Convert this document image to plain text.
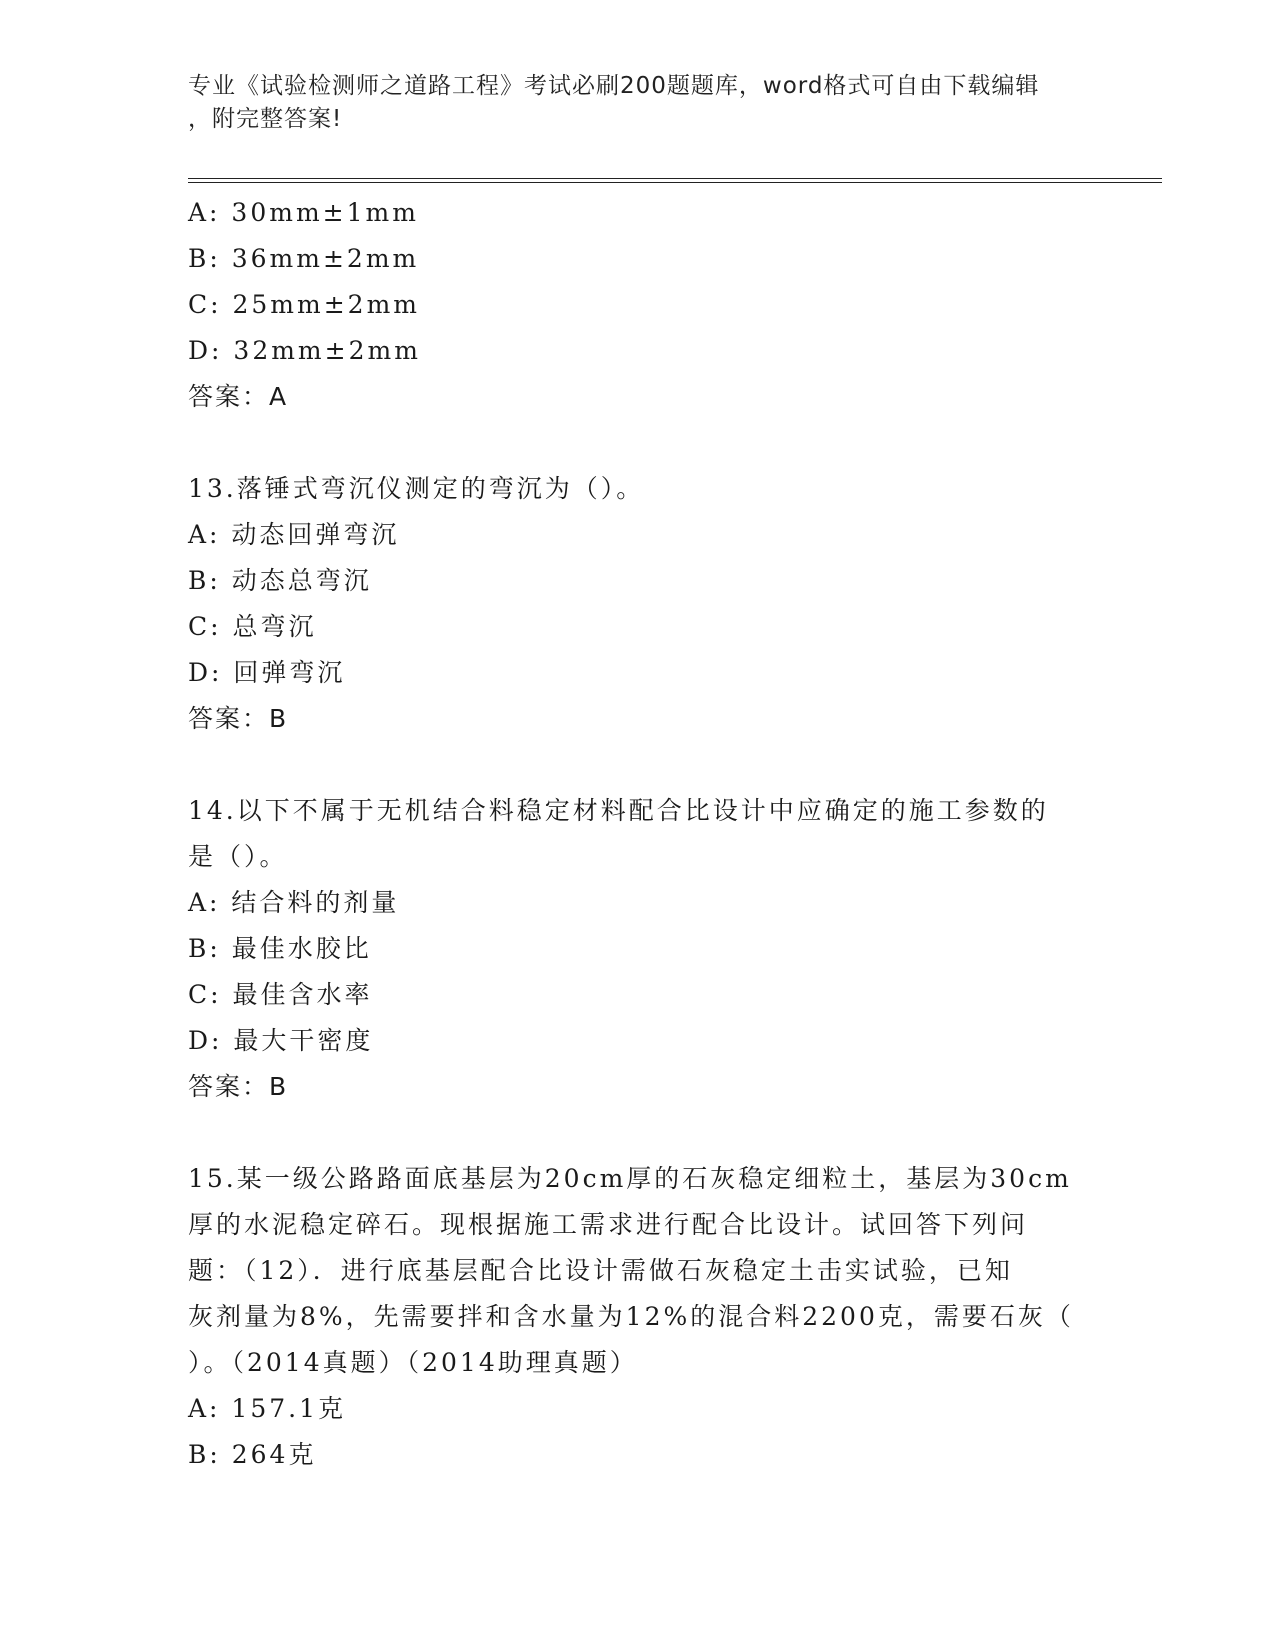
专业《试验检测师之道路工程》考试必刷200题题库，word格式可自由下载编辑
，附完整答案!
A: 30mm±1mm
B: 36mm±2mm
C: 25mm±2mm
D: 32mm±2mm
答案：A
13.落锤式弯沉仪测定的弯沉为（）。
A: 动态回弹弯沉
B: 动态总弯沉
C: 总弯沉
D: 回弹弯沉
答案：B
14.以下不属于无机结合料稳定材料配合比设计中应确定的施工参数的
是（）。
A: 结合料的剂量
B: 最佳水胶比
C: 最佳含水率
D: 最大干密度
答案：B
15.某一级公路路面底基层为20cm厚的石灰稳定细粒土，基层为30cm
厚的水泥稳定碎石。现根据施工需求进行配合比设计。试回答下列问
题：（12）．进行底基层配合比设计需做石灰稳定土击实试验，已知
灰剂量为8%，先需要拌和含水量为12%的混合料2200克，需要石灰（
）。（2014真题）（2014助理真题）
A: 157.1克
B: 264克
